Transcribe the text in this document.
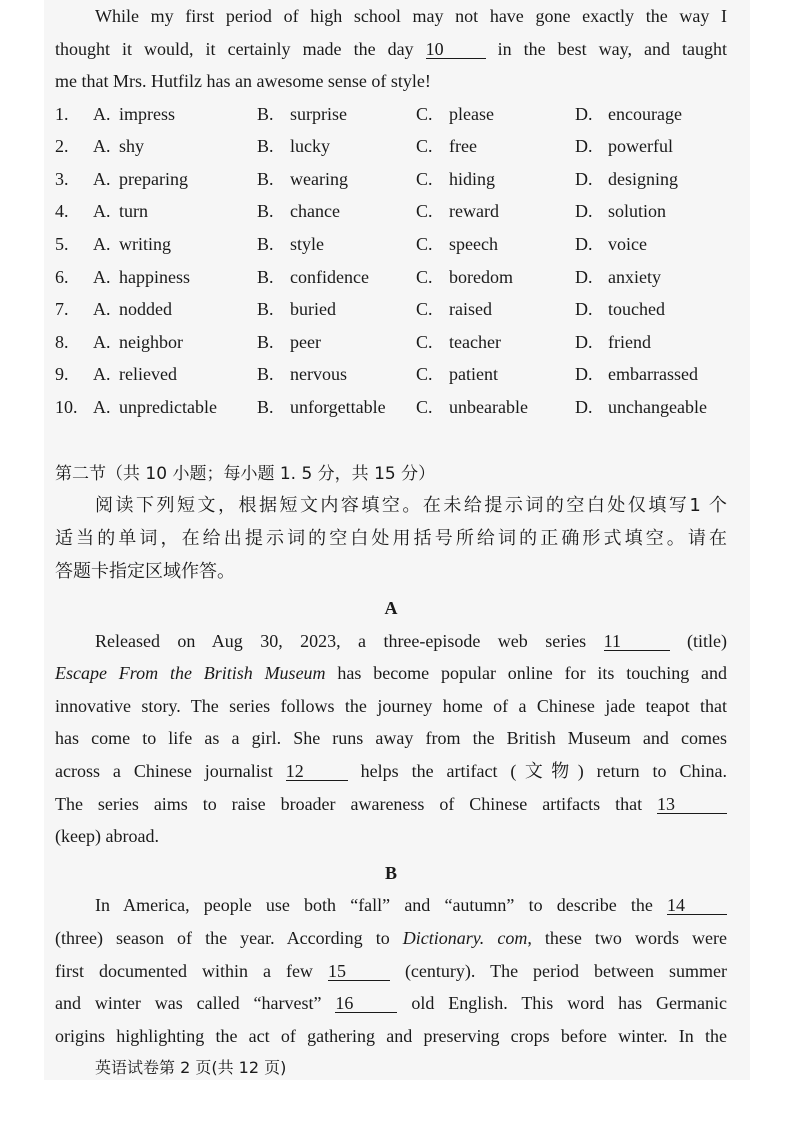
While my first period of high school may not have gone exactly the way I
thought it would, it certainly made the day 10	in the best way, and taught
me that Mrs. Hutfilz has an awesome sense of style!
1.	A.	impress	B.	surprise	C.	please	D.	encourage
2.	A.	shy	B.	lucky	C.	free	D.	powerful
3.	A.	preparing	B.	wearing	C.	hiding	D.	designing
4.	A.	turn	B.	chance	C.	reward	D.	solution
5.	A.	writing	B.	style	C.	speech	D.	voice
6.	A.	happiness	B.	confidence	C.	boredom	D.	anxiety
7.	A.	nodded	B.	buried	C.	raised	D.	touched
8.	A.	neighbor	B.	peer	C.	teacher	D.	friend
9.	A.	relieved	B.	nervous	C.	patient	D.	embarrassed
10.	A.	unpredictable	B.	unforgettable	C.	unbearable	D.	unchangeable
第二节（共 10 小题；每小题 1. 5 分，共 15 分）
阅读下列短文，根据短文内容填空。在未给提示词的空白处仅填写1 个
适当的单词，在给出提示词的空白处用括号所给词的正确形式填空。请在
答题卡指定区域作答。
A
Released on Aug 30, 2023, a three-episode web series 11	(title)
Escape From the British Museum has become popular online for its touching and
innovative story. The series follows the journey home of a Chinese jade teapot that
has come to life as a girl. She runs away from the British Museum and comes
across a Chinese journalist 12	helps the artifact (文物) return to China.
The series aims to raise broader awareness of Chinese artifacts that 13
(keep) abroad.
B
In America, people use both “fall” and “autumn” to describe the 14
(three) season of the year. According to Dictionary. com, these two words were
first documented within a few 15	(century). The period between summer
and winter was called “harvest” 16	old English. This word has Germanic
origins highlighting the act of gathering and preserving crops before winter. In the
英语试卷第 2 页(共 12 页)
